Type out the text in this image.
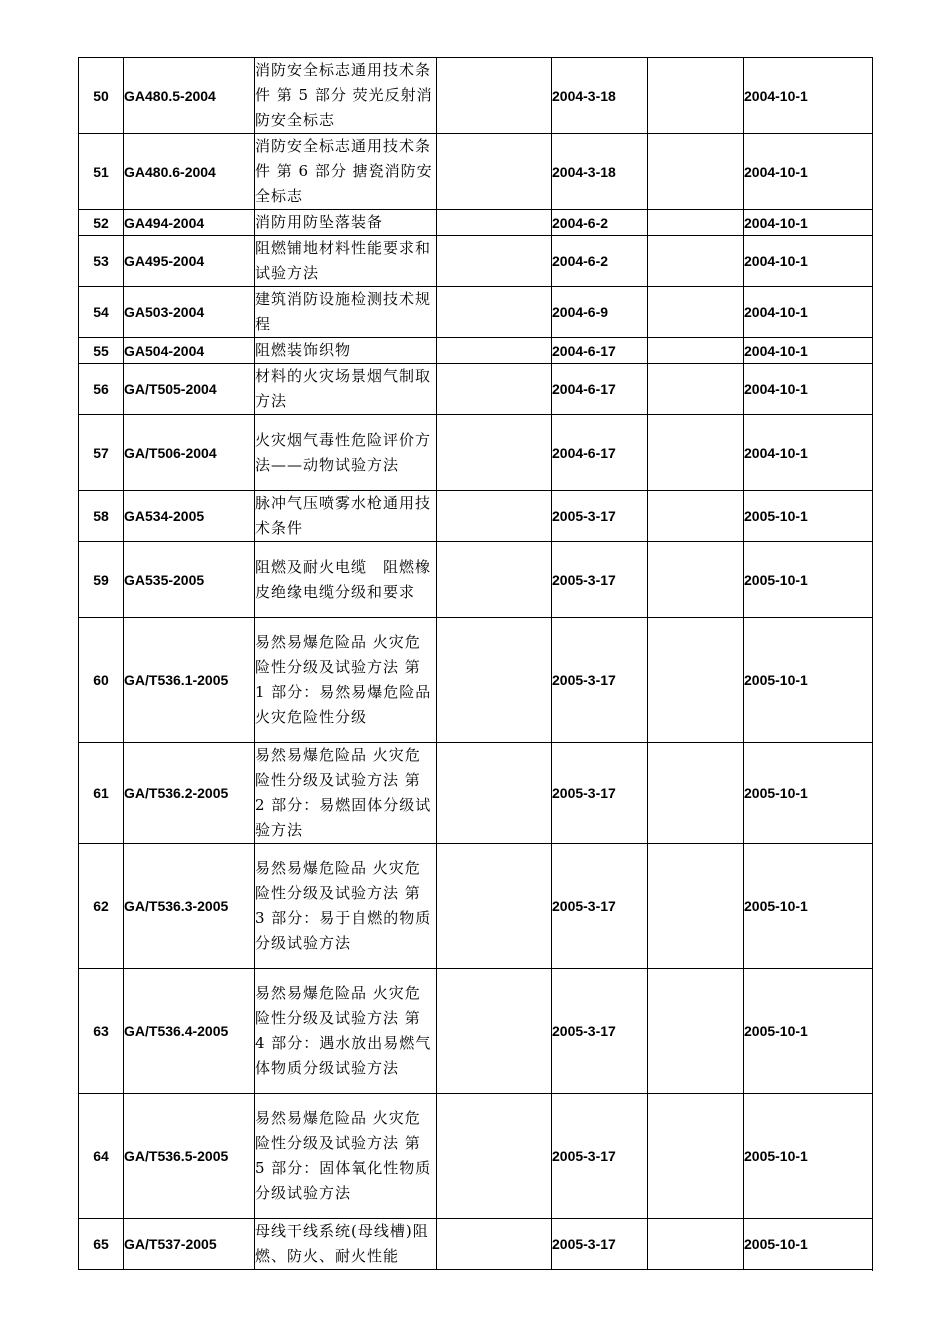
50	GA480.5-2004	消防安全标志通用技术条件 第 5 部分 荧光反射消防安全标志		2004-3-18		2004-10-1
51	GA480.6-2004	消防安全标志通用技术条件 第 6 部分 搪瓷消防安全标志		2004-3-18		2004-10-1
52	GA494-2004	消防用防坠落装备		2004-6-2		2004-10-1
53	GA495-2004	阻燃铺地材料性能要求和试验方法		2004-6-2		2004-10-1
54	GA503-2004	建筑消防设施检测技术规程		2004-6-9		2004-10-1
55	GA504-2004	阻燃装饰织物		2004-6-17		2004-10-1
56	GA/T505-2004	材料的火灾场景烟气制取方法		2004-6-17		2004-10-1
57	GA/T506-2004	火灾烟气毒性危险评价方法——动物试验方法		2004-6-17		2004-10-1
58	GA534-2005	脉冲气压喷雾水枪通用技术条件		2005-3-17		2005-10-1
59	GA535-2005	阻燃及耐火电缆　阻燃橡皮绝缘电缆分级和要求		2005-3-17		2005-10-1
60	GA/T536.1-2005	易然易爆危险品 火灾危险性分级及试验方法 第 1 部分：易然易爆危险品火灾危险性分级		2005-3-17		2005-10-1
61	GA/T536.2-2005	易然易爆危险品 火灾危险性分级及试验方法 第 2 部分：易燃固体分级试验方法		2005-3-17		2005-10-1
62	GA/T536.3-2005	易然易爆危险品 火灾危险性分级及试验方法 第 3 部分：易于自燃的物质分级试验方法		2005-3-17		2005-10-1
63	GA/T536.4-2005	易然易爆危险品 火灾危险性分级及试验方法 第 4 部分：遇水放出易燃气体物质分级试验方法		2005-3-17		2005-10-1
64	GA/T536.5-2005	易然易爆危险品 火灾危险性分级及试验方法 第 5 部分：固体氧化性物质分级试验方法		2005-3-17		2005-10-1
65	GA/T537-2005	母线干线系统(母线槽)阻燃、防火、耐火性能		2005-3-17		2005-10-1
